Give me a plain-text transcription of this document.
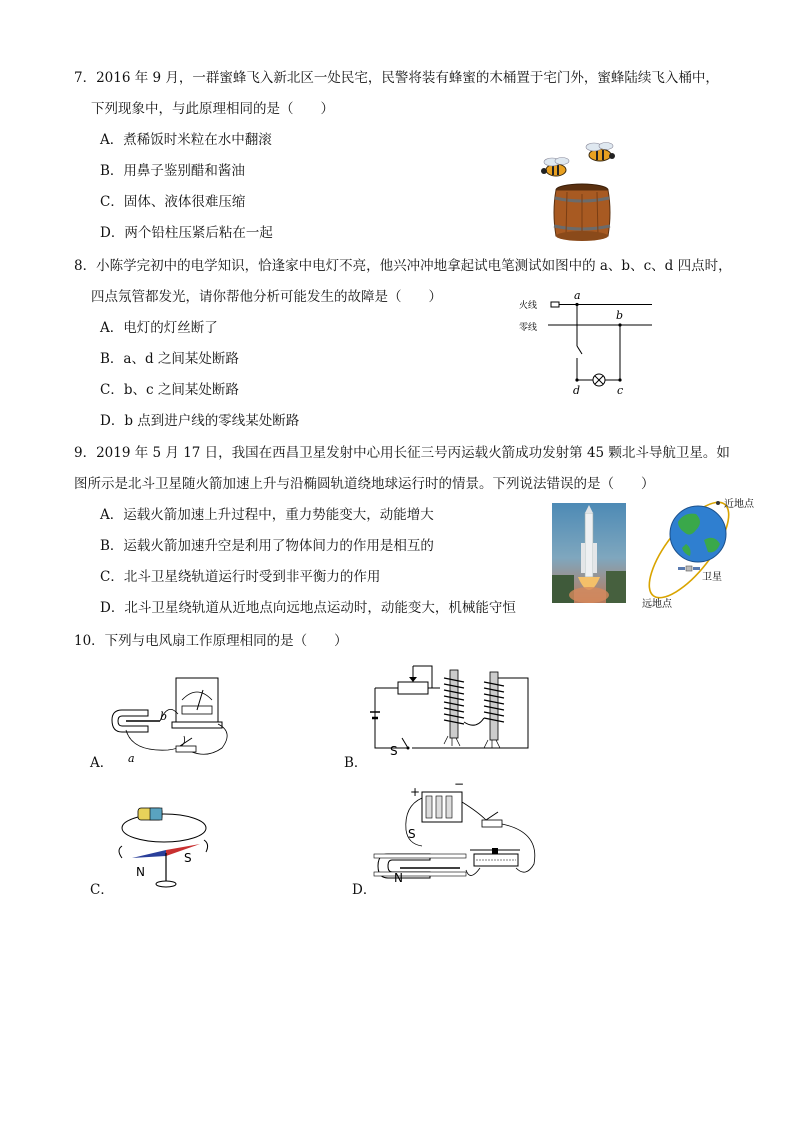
7．2016 年 9 月，一群蜜蜂飞入新北区一处民宅，民警将装有蜂蜜的木桶置于宅门外，蜜蜂陆续飞入桶中，
下列现象中，与此原理相同的是（　　）
A．煮稀饭时米粒在水中翻滚
B．用鼻子鉴别醋和酱油
C．固体、液体很难压缩
D．两个铅柱压紧后粘在一起
8．小陈学完初中的电学知识，恰逢家中电灯不亮，他兴冲冲地拿起试电笔测试如图中的 a、b、c、d 四点时，
四点氖管都发光，请你帮他分析可能发生的故障是（　　）
A．电灯的灯丝断了
B．a、d 之间某处断路
C．b、c 之间某处断路
D．b 点到进户线的零线某处断路
火线
零线
a
b
c
d
9．2019 年 5 月 17 日，我国在西昌卫星发射中心用长征三号丙运载火箭成功发射第 45 颗北斗导航卫星。如
图所示是北斗卫星随火箭加速上升与沿椭圆轨道绕地球运行时的情景。下列说法错误的是（　　）
A．运载火箭加速上升过程中，重力势能变大，动能增大
B．运载火箭加速升空是利用了物体间力的作用是相互的
C．北斗卫星绕轨道运行时受到非平衡力的作用
D．北斗卫星绕轨道从近地点向远地点运动时，动能变大，机械能守恒
近地点
卫星
远地点
10．下列与电风扇工作原理相同的是（　　）
A．	B．
C．	D．
b
a
S
N
S
+
−
S
N
